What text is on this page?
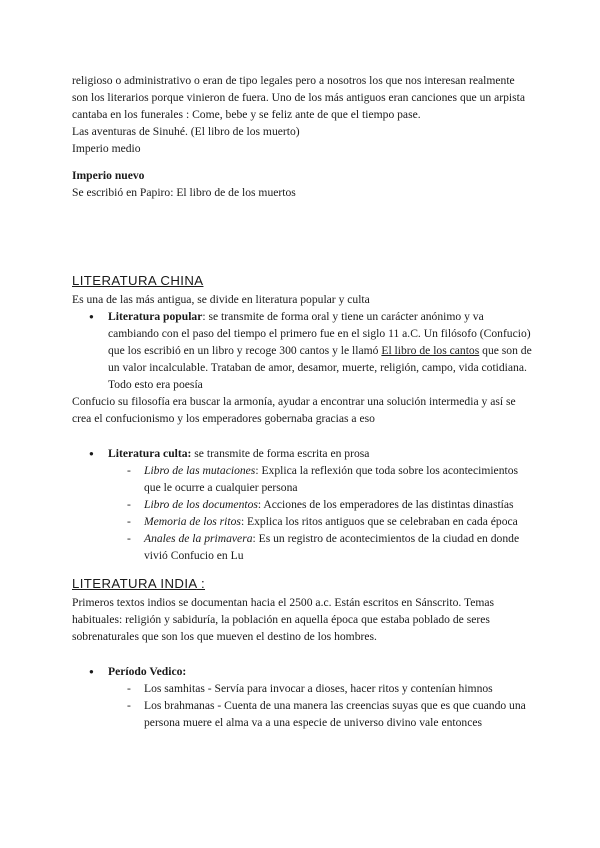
religioso o administrativo o eran de tipo legales pero a nosotros los que nos interesan realmente son los literarios porque vinieron de fuera. Uno de los más antiguos eran canciones que un arpista cantaba en los funerales : Come, bebe y se feliz ante de que el tiempo pase.

Las aventuras de Sinuhé. (El libro de los muerto)

Imperio medio

Imperio nuevo

Se escribió en Papiro: El libro de de los muertos

LITERATURA CHINA

Es una de las más antigua, se divide en literatura popular y culta

● Literatura popular: se transmite de forma oral y tiene un carácter anónimo y va cambiando con el paso del tiempo el primero fue en el siglo 11 a.C. Un filósofo (Confucio) que los escribió en un libro y recoge 300 cantos y le llamó El libro de los cantos que son de un valor incalculable. Trataban de amor, desamor, muerte, religión, campo, vida cotidiana. Todo esto era poesía

Confucio su filosofía era buscar la armonía, ayudar a encontrar una solución intermedia y así se crea el confucionismo y los emperadores gobernaba gracias a eso

● Literatura culta: se transmite de forma escrita en prosa
- Libro de las mutaciones: Explica la reflexión que toda sobre los acontecimientos que le ocurre a cualquier persona
- Libro de los documentos: Acciones de los emperadores de las distintas dinastías
- Memoria de los ritos: Explica los ritos antiguos que se celebraban en cada época
- Anales de la primavera: Es un registro de acontecimientos de la ciudad en donde vivió Confucio en Lu
LITERATURA INDIA :

Primeros textos indios se documentan hacia el 2500 a.c. Están escritos en Sánscrito. Temas habituales: religión y sabiduría, la población en aquella época que estaba poblado de seres sobrenaturales que son los que mueven el destino de los hombres.

● Período Vedico:
- Los samhitas - Servía para invocar a dioses, hacer ritos y contenían himnos
- Los brahmanas - Cuenta de una manera las creencias suyas que es que cuando una persona muere el alma va a una especie de universo divino vale entonces
